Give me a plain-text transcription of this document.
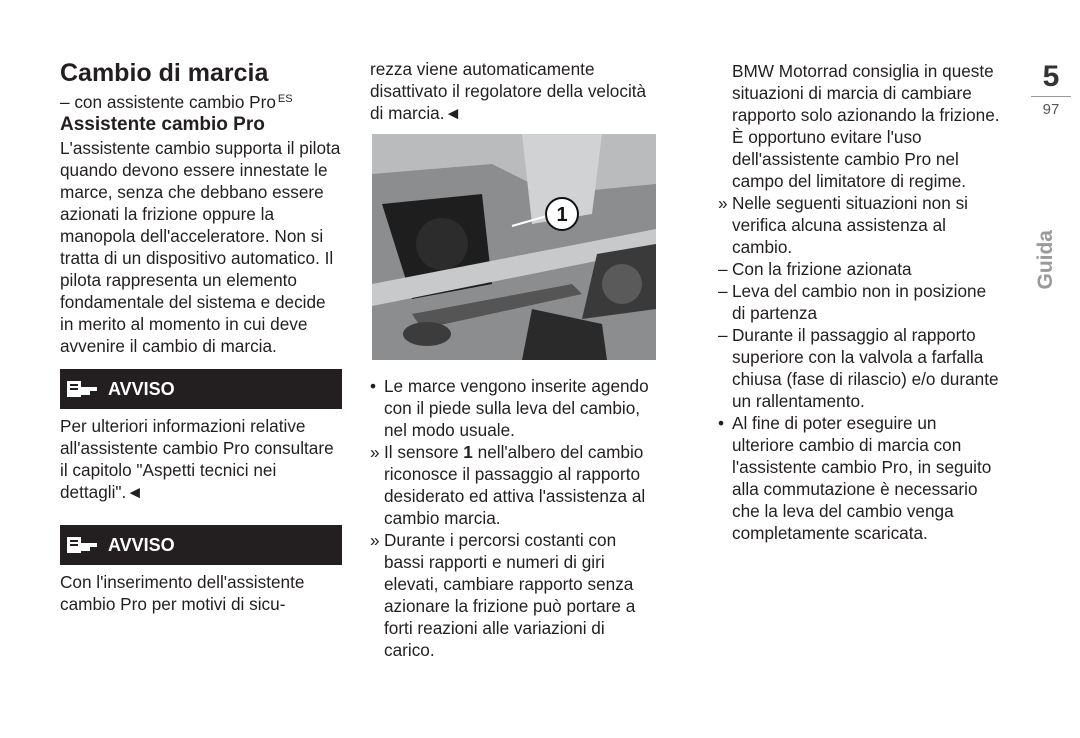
Cambio di marcia

– con assistente cambio Pro $^{ES}$

Assistente cambio Pro

L'assistente cambio supporta il pilota quando devono essere innestate le marce, senza che debbano essere azionati la frizione oppure la manopola dell'acceleratore. Non si tratta di un dispositivo automatico. Il pilota rappresenta un elemento fondamentale del sistema e decide in merito al momento in cui deve avvenire il cambio di marcia.

AVVISO

Per ulteriori informazioni relative all'assistente cambio Pro consultare il capitolo "Aspetti tecnici nei dettagli".◄

AVVISO

Con l'inserimento dell'assistente cambio Pro per motivi di sicu-

rezza viene automaticamente disattivato il regolatore della velocità di marcia.◄

1
• Le marce vengono inserite agendo con il piede sulla leva del cambio, nel modo usuale.
» Il sensore 1 nell'albero del cambio riconosce il passaggio al rapporto desiderato ed attiva l'assistenza al cambio marcia.
» Durante i percorsi costanti con bassi rapporti e numeri di giri elevati, cambiare rapporto senza azionare la frizione può portare a forti reazioni alle variazioni di carico.

BMW Motorrad consiglia in queste situazioni di marcia di cambiare rapporto solo azionando la frizione. È opportuno evitare l'uso dell'assistente cambio Pro nel campo del limitatore di regime.

» Nelle seguenti situazioni non si verifica alcuna assistenza al cambio.
– Con la frizione azionata
– Leva del cambio non in posizione di partenza
– Durante il passaggio al rapporto superiore con la valvola a farfalla chiusa (fase di rilascio) e/o durante un rallentamento.
• Al fine di poter eseguire un ulteriore cambio di marcia con l'assistente cambio Pro, in seguito alla commutazione è necessario che la leva del cambio venga completamente scaricata.
5
97
Guida
